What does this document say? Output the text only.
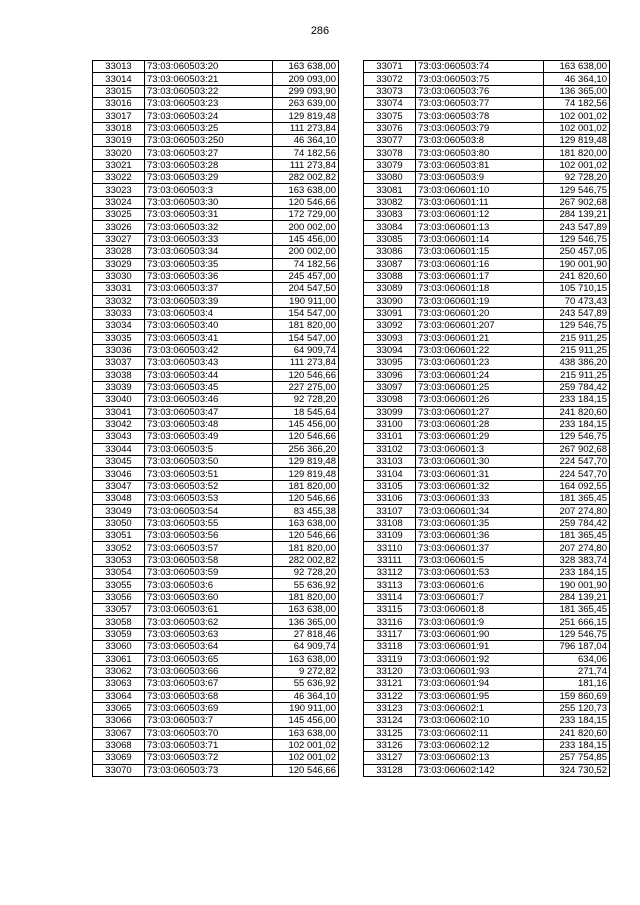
286
33013	73:03:060503:20	163 638,00
33014	73:03:060503:21	209 093,00
33015	73:03:060503:22	299 093,90
33016	73:03:060503:23	263 639,00
33017	73:03:060503:24	129 819,48
33018	73:03:060503:25	111 273,84
33019	73:03:060503:250	46 364,10
33020	73:03:060503:27	74 182,56
33021	73:03:060503:28	111 273,84
33022	73:03:060503:29	282 002,82
33023	73:03:060503:3	163 638,00
33024	73:03:060503:30	120 546,66
33025	73:03:060503:31	172 729,00
33026	73:03:060503:32	200 002,00
33027	73:03:060503:33	145 456,00
33028	73:03:060503:34	200 002,00
33029	73:03:060503:35	74 182,56
33030	73:03:060503:36	245 457,00
33031	73:03:060503:37	204 547,50
33032	73:03:060503:39	190 911,00
33033	73:03:060503:4	154 547,00
33034	73:03:060503:40	181 820,00
33035	73:03:060503:41	154 547,00
33036	73:03:060503:42	64 909,74
33037	73:03:060503:43	111 273,84
33038	73:03:060503:44	120 546,66
33039	73:03:060503:45	227 275,00
33040	73:03:060503:46	92 728,20
33041	73:03:060503:47	18 545,64
33042	73:03:060503:48	145 456,00
33043	73:03:060503:49	120 546,66
33044	73:03:060503:5	256 366,20
33045	73:03:060503:50	129 819,48
33046	73:03:060503:51	129 819,48
33047	73:03:060503:52	181 820,00
33048	73:03:060503:53	120 546,66
33049	73:03:060503:54	83 455,38
33050	73:03:060503:55	163 638,00
33051	73:03:060503:56	120 546,66
33052	73:03:060503:57	181 820,00
33053	73:03:060503:58	282 002,82
33054	73:03:060503:59	92 728,20
33055	73:03:060503:6	55 636,92
33056	73:03:060503:60	181 820,00
33057	73:03:060503:61	163 638,00
33058	73:03:060503:62	136 365,00
33059	73:03:060503:63	27 818,46
33060	73:03:060503:64	64 909,74
33061	73:03:060503:65	163 638,00
33062	73:03:060503:66	9 272,82
33063	73:03:060503:67	55 636,92
33064	73:03:060503:68	46 364,10
33065	73:03:060503:69	190 911,00
33066	73:03:060503:7	145 456,00
33067	73:03:060503:70	163 638,00
33068	73:03:060503:71	102 001,02
33069	73:03:060503:72	102 001,02
33070	73:03:060503:73	120 546,66
33071	73:03:060503:74	163 638,00
33072	73:03:060503:75	46 364,10
33073	73:03:060503:76	136 365,00
33074	73:03:060503:77	74 182,56
33075	73:03:060503:78	102 001,02
33076	73:03:060503:79	102 001,02
33077	73:03:060503:8	129 819,48
33078	73:03:060503:80	181 820,00
33079	73:03:060503:81	102 001,02
33080	73:03:060503:9	92 728,20
33081	73:03:060601:10	129 546,75
33082	73:03:060601:11	267 902,68
33083	73:03:060601:12	284 139,21
33084	73:03:060601:13	243 547,89
33085	73:03:060601:14	129 546,75
33086	73:03:060601:15	250 457,05
33087	73:03:060601:16	190 001,90
33088	73:03:060601:17	241 820,60
33089	73:03:060601:18	105 710,15
33090	73:03:060601:19	70 473,43
33091	73:03:060601:20	243 547,89
33092	73:03:060601:207	129 546,75
33093	73:03:060601:21	215 911,25
33094	73:03:060601:22	215 911,25
33095	73:03:060601:23	438 386,20
33096	73:03:060601:24	215 911,25
33097	73:03:060601:25	259 784,42
33098	73:03:060601:26	233 184,15
33099	73:03:060601:27	241 820,60
33100	73:03:060601:28	233 184,15
33101	73:03:060601:29	129 546,75
33102	73:03:060601:3	267 902,68
33103	73:03:060601:30	224 547,70
33104	73:03:060601:31	224 547,70
33105	73:03:060601:32	164 092,55
33106	73:03:060601:33	181 365,45
33107	73:03:060601:34	207 274,80
33108	73:03:060601:35	259 784,42
33109	73:03:060601:36	181 365,45
33110	73:03:060601:37	207 274,80
33111	73:03:060601:5	328 383,74
33112	73:03:060601:53	233 184,15
33113	73:03:060601:6	190 001,90
33114	73:03:060601:7	284 139,21
33115	73:03:060601:8	181 365,45
33116	73:03:060601:9	251 666,15
33117	73:03:060601:90	129 546,75
33118	73:03:060601:91	796 187,04
33119	73:03:060601:92	634,06
33120	73:03:060601:93	271,74
33121	73:03:060601:94	181,16
33122	73:03:060601:95	159 860,69
33123	73:03:060602:1	255 120,73
33124	73:03:060602:10	233 184,15
33125	73:03:060602:11	241 820,60
33126	73:03:060602:12	233 184,15
33127	73:03:060602:13	257 754,85
33128	73:03:060602:142	324 730,52
